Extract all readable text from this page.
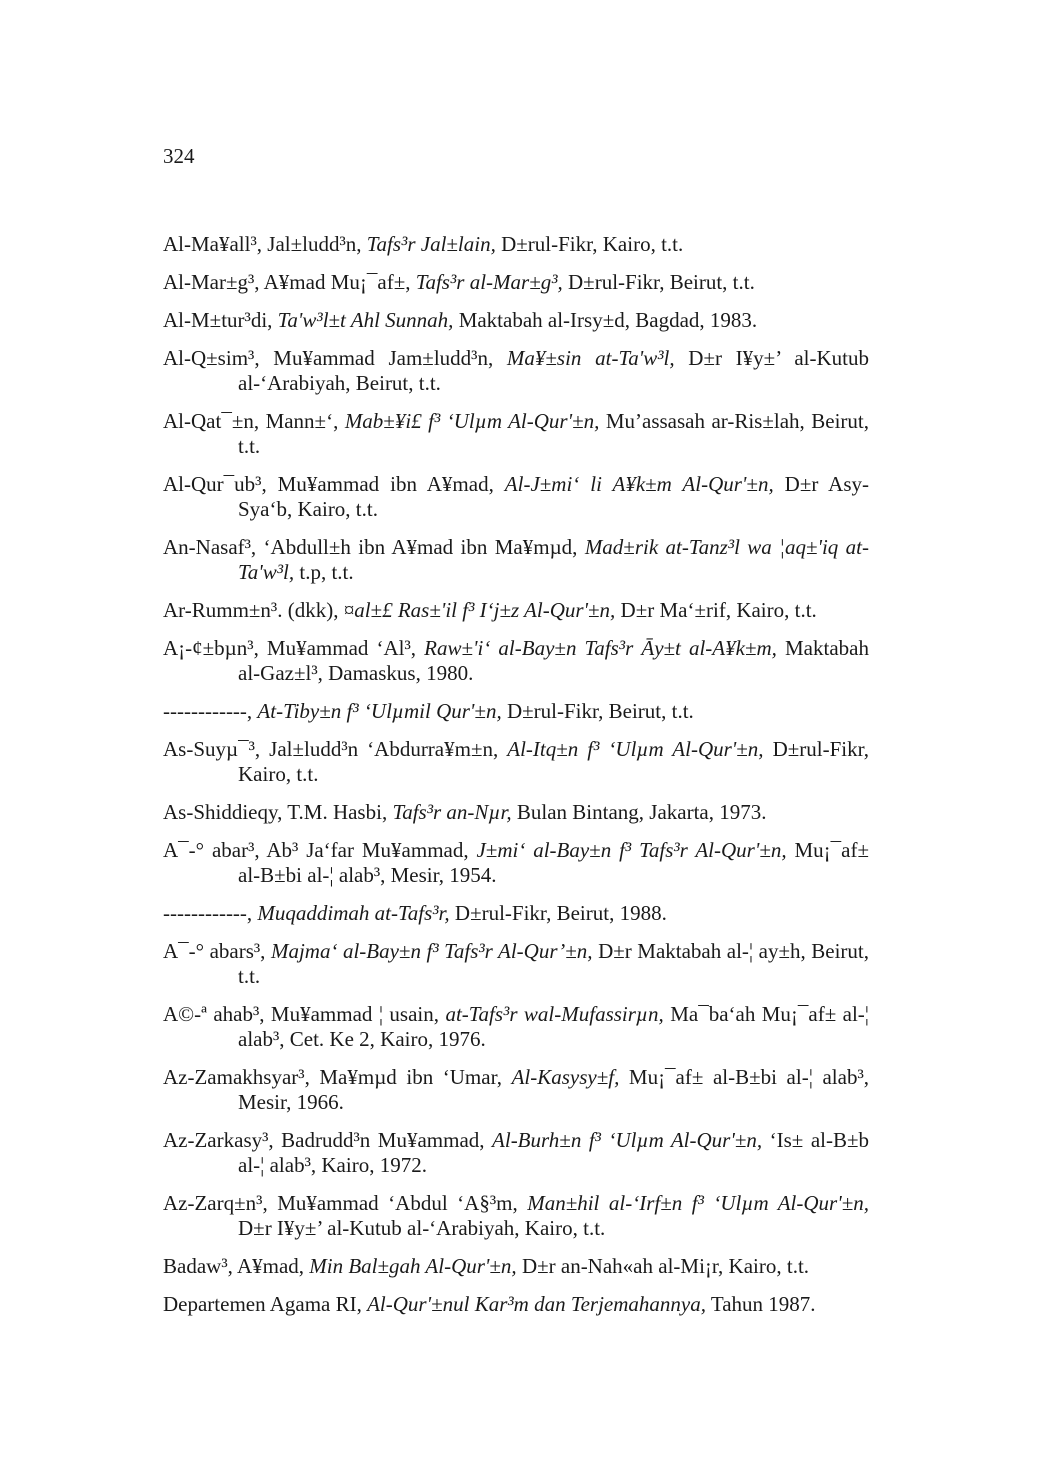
324

Al-Ma¥all³, Jal±ludd³n, Tafs³r Jal±lain, D±rul-Fikr, Kairo, t.t.

Al-Mar±g³, A¥mad Mu¡¯af±, Tafs³r al-Mar±g³, D±rul-Fikr, Beirut, t.t.

Al-M±tur³di, Ta'w³l±t Ahl Sunnah, Maktabah al-Irsy±d, Bagdad, 1983.

Al-Q±sim³, Mu¥ammad Jam±ludd³n, Ma¥±sin at-Ta'w³l, D±r I¥y±’ al-Kutub al-‘Arabiyah, Beirut, t.t.

Al-Qat¯±n, Mann±‘, Mab±¥i£ f³ ‘Ulµm Al-Qur'±n, Mu’assasah ar-Ris±lah, Beirut, t.t.

Al-Qur¯ub³, Mu¥ammad ibn A¥mad, Al-J±mi‘ li A¥k±m Al-Qur'±n, D±r Asy-Sya‘b, Kairo, t.t.

An-Nasaf³, ‘Abdull±h ibn A¥mad ibn Ma¥mµd, Mad±rik at-Tanz³l wa ¦aq±'iq at-Ta'w³l, t.p, t.t.

Ar-Rumm±n³. (dkk), ¤al±£ Ras±'il f³ I‘j±z Al-Qur'±n, D±r Ma‘±rif, Kairo, t.t.

A¡-¢±bµn³, Mu¥ammad ‘Al³, Raw±'i‘ al-Bay±n Tafs³r Āy±t al-A¥k±m, Maktabah al-Gaz±l³, Damaskus, 1980.

------------, At-Tiby±n f³ ‘Ulµmil Qur'±n, D±rul-Fikr, Beirut, t.t.

As-Suyµ¯³, Jal±ludd³n ‘Abdurra¥m±n, Al-Itq±n f³ ‘Ulµm Al-Qur'±n, D±rul-Fikr, Kairo, t.t.

As-Shiddieqy, T.M. Hasbi, Tafs³r an-Nµr, Bulan Bintang, Jakarta, 1973.

A¯-° abar³, Ab³ Ja‘far Mu¥ammad, J±mi‘ al-Bay±n f³ Tafs³r Al-Qur'±n, Mu¡¯af± al-B±bi al-¦ alab³, Mesir, 1954.

------------, Muqaddimah at-Tafs³r, D±rul-Fikr, Beirut, 1988.

A¯-° abars³, Majma‘ al-Bay±n f³ Tafs³r Al-Qur’±n, D±r Maktabah al-¦ ay±h, Beirut, t.t.

A©-ª ahab³, Mu¥ammad ¦ usain, at-Tafs³r wal-Mufassirµn, Ma¯ba‘ah Mu¡¯af± al-¦ alab³, Cet. Ke 2, Kairo, 1976.

Az-Zamakhsyar³, Ma¥mµd ibn ‘Umar, Al-Kasysy±f, Mu¡¯af± al-B±bi al-¦ alab³, Mesir, 1966.

Az-Zarkasy³, Badrudd³n Mu¥ammad, Al-Burh±n f³ ‘Ulµm Al-Qur'±n, ‘Is± al-B±b al-¦ alab³, Kairo, 1972.

Az-Zarq±n³, Mu¥ammad ‘Abdul ‘A§³m, Man±hil al-‘Irf±n f³ ‘Ulµm Al-Qur'±n, D±r I¥y±’ al-Kutub al-‘Arabiyah, Kairo, t.t.

Badaw³, A¥mad, Min Bal±gah Al-Qur'±n, D±r an-Nah«ah al-Mi¡r, Kairo, t.t.

Departemen Agama RI, Al-Qur'±nul Kar³m dan Terjemahannya, Tahun 1987.
